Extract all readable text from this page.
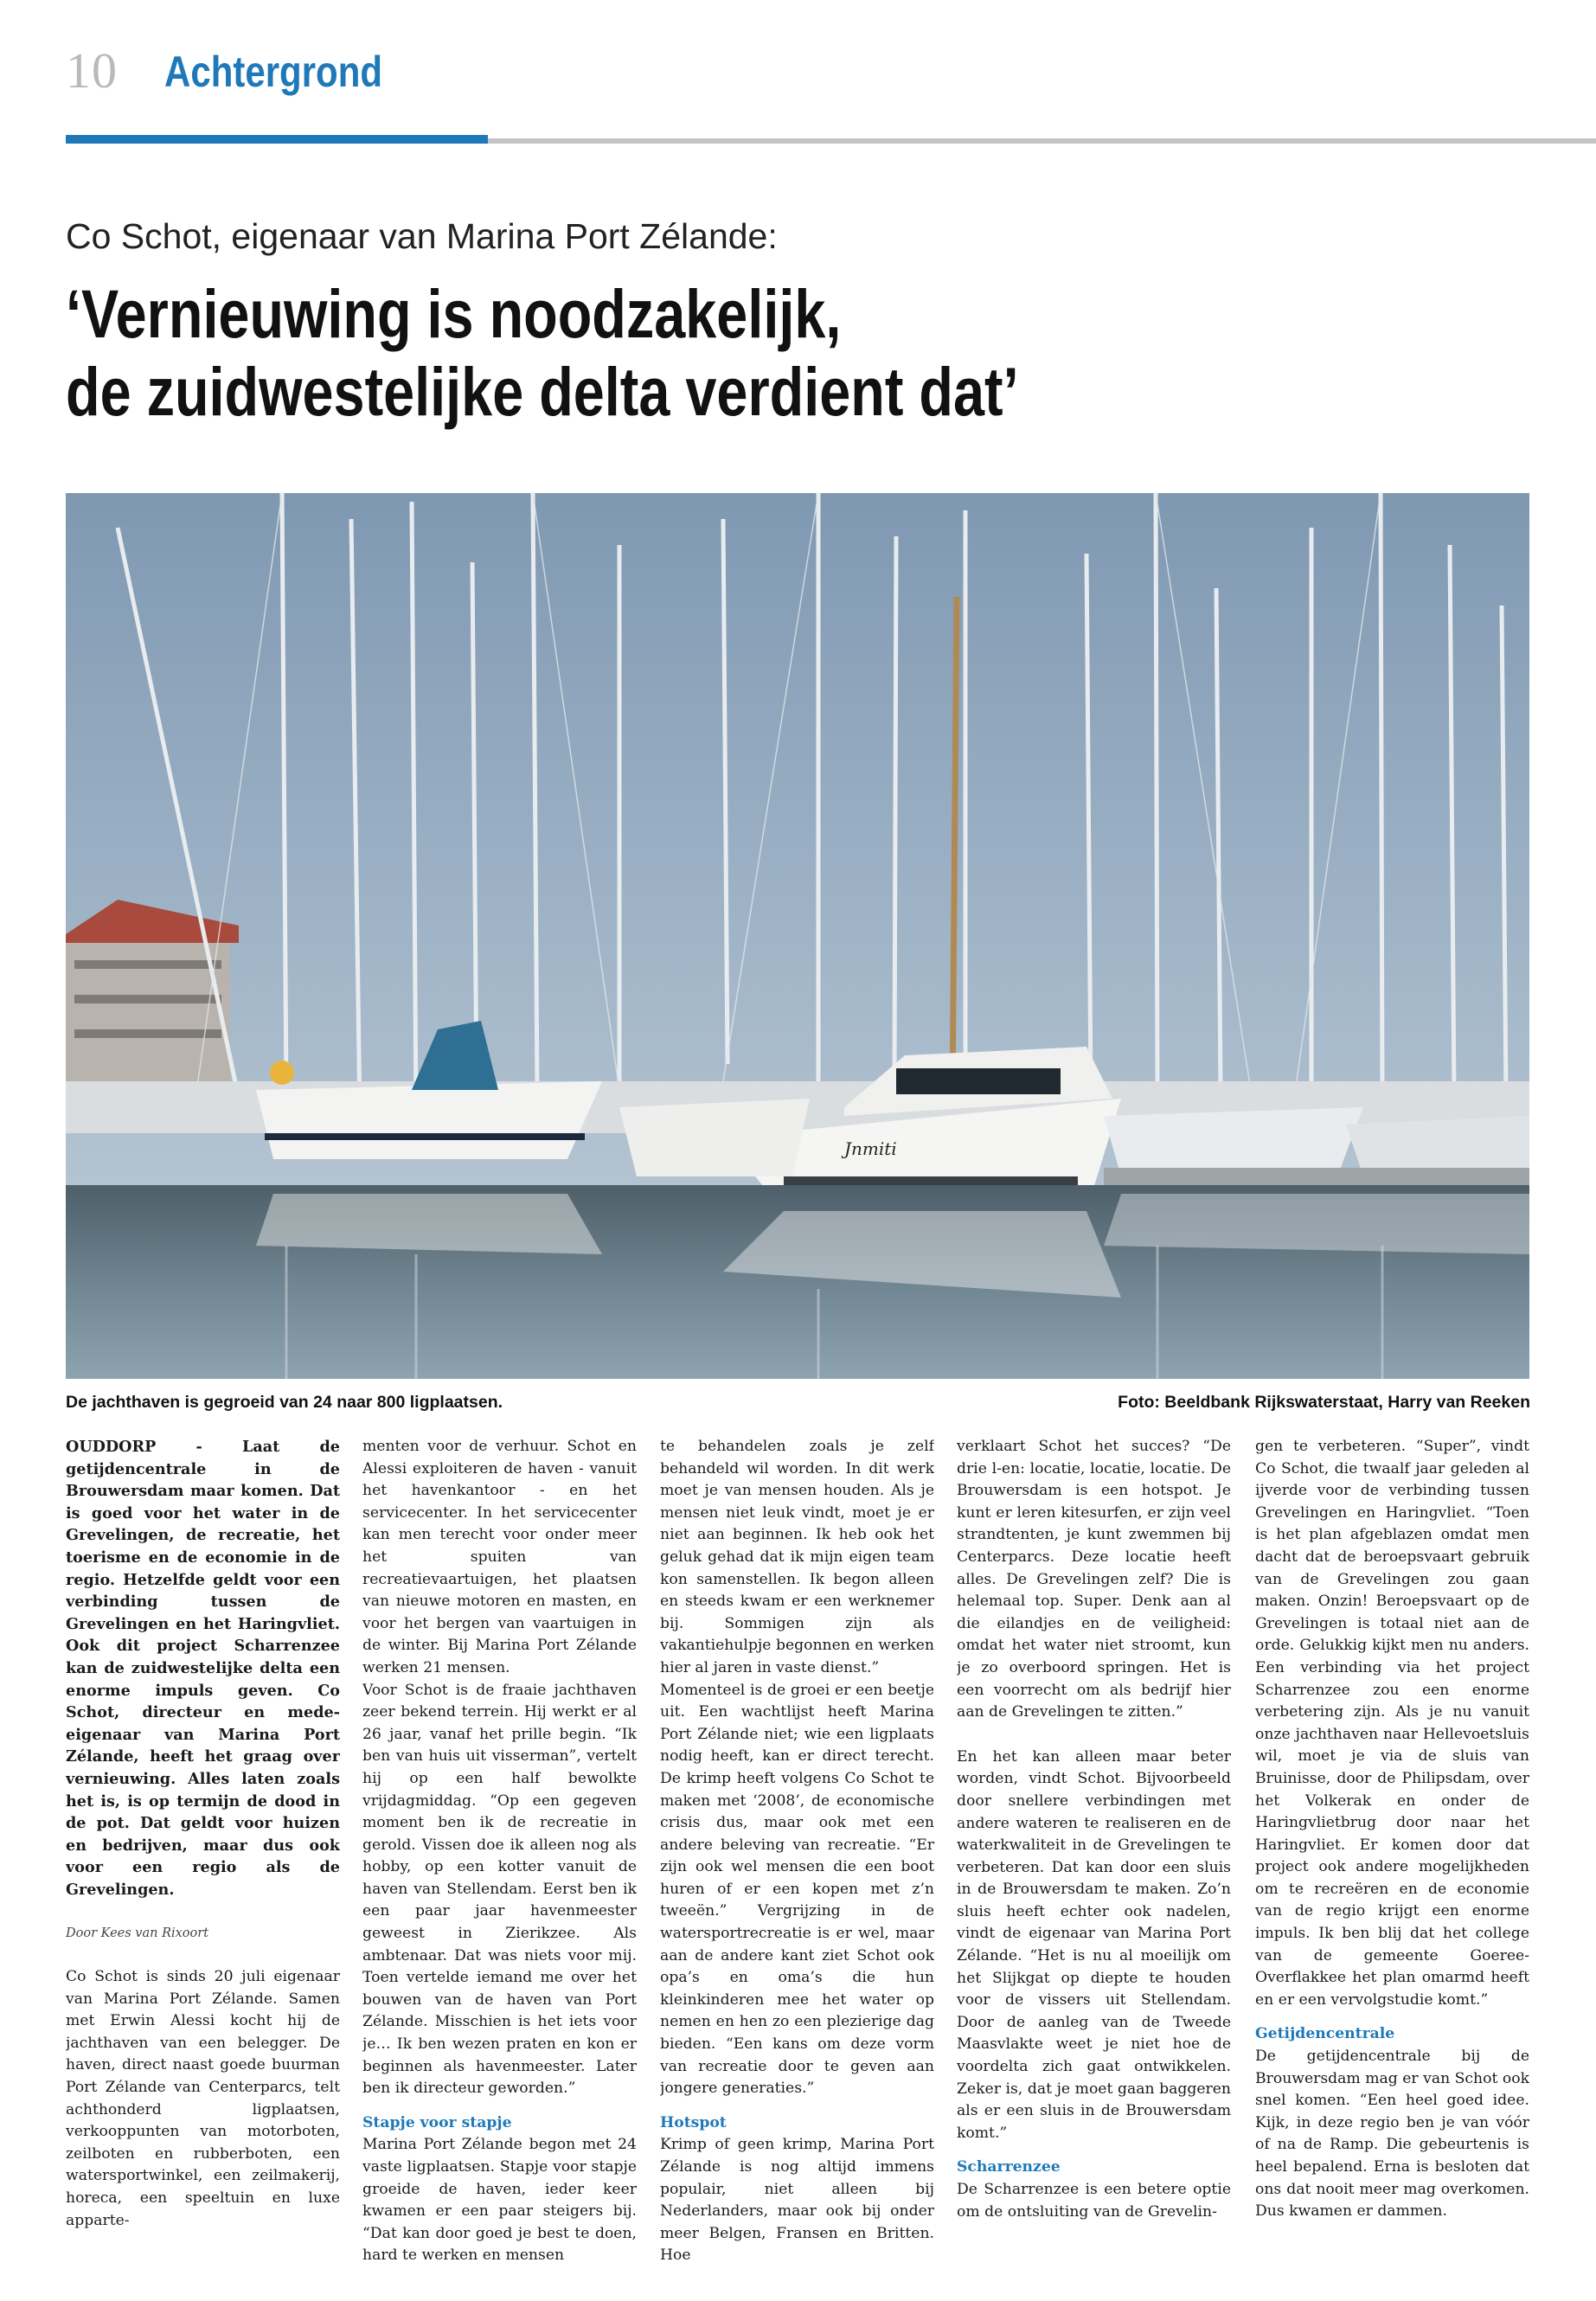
10 Achtergrond
Co Schot, eigenaar van Marina Port Zélande:
‘Vernieuwing is noodzakelijk,
de zuidwestelijke delta verdient dat’
Jnmiti
De jachthaven is gegroeid van 24 naar 800 ligplaatsen.	Foto: Beeldbank Rijkswaterstaat, Harry van Reeken

OUDDORP - Laat de getijdencentrale in de Brouwersdam maar komen. Dat is goed voor het water in de Grevelingen, de recreatie, het toerisme en de economie in de regio. Hetzelfde geldt voor een verbinding tussen de Grevelingen en het Haringvliet. Ook dit project Scharrenzee kan de zuidwestelijke delta een enorme impuls geven. Co Schot, directeur en mede-eigenaar van Marina Port Zélande, heeft het graag over vernieuwing. Alles laten zoals het is, is op termijn de dood in de pot. Dat geldt voor huizen en bedrijven, maar dus ook voor een regio als de Grevelingen.

Door Kees van Rixoort

Co Schot is sinds 20 juli eigenaar van Marina Port Zélande. Samen met Erwin Alessi kocht hij de jachthaven van een belegger. De haven, direct naast goede buurman Port Zélande van Centerparcs, telt achthonderd ligplaatsen, verkooppunten van motorboten, zeilboten en rubberboten, een watersportwinkel, een zeilmakerij, horeca, een speeltuin en luxe apparte-

menten voor de verhuur. Schot en Alessi exploiteren de haven - vanuit het havenkantoor - en het servicecenter. In het servicecenter kan men terecht voor onder meer het spuiten van recreatievaartuigen, het plaatsen van nieuwe motoren en masten, en voor het bergen van vaartuigen in de winter. Bij Marina Port Zélande werken 21 mensen.

Voor Schot is de fraaie jachthaven zeer bekend terrein. Hij werkt er al 26 jaar, vanaf het prille begin. “Ik ben van huis uit visserman”, vertelt hij op een half bewolkte vrijdagmiddag. “Op een gegeven moment ben ik de recreatie in gerold. Vissen doe ik alleen nog als hobby, op een kotter vanuit de haven van Stellendam. Eerst ben ik een paar jaar havenmeester geweest in Zierikzee. Als ambtenaar. Dat was niets voor mij. Toen vertelde iemand me over het bouwen van de haven van Port Zélande. Misschien is het iets voor je… Ik ben wezen praten en kon er beginnen als havenmeester. Later ben ik directeur geworden.”

Stapje voor stapje

Marina Port Zélande begon met 24 vaste ligplaatsen. Stapje voor stapje groeide de haven, ieder keer kwamen er een paar steigers bij. “Dat kan door goed je best te doen, hard te werken en mensen

te behandelen zoals je zelf behandeld wil worden. In dit werk moet je van mensen houden. Als je mensen niet leuk vindt, moet je er niet aan beginnen. Ik heb ook het geluk gehad dat ik mijn eigen team kon samenstellen. Ik begon alleen en steeds kwam er een werknemer bij. Sommigen zijn als vakantiehulpje begonnen en werken hier al jaren in vaste dienst.”

Momenteel is de groei er een beetje uit. Een wachtlijst heeft Marina Port Zélande niet; wie een ligplaats nodig heeft, kan er direct terecht. De krimp heeft volgens Co Schot te maken met ‘2008’, de economische crisis dus, maar ook met een andere beleving van recreatie. “Er zijn ook wel mensen die een boot huren of er een kopen met z’n tweeën.” Vergrijzing in de watersportrecreatie is er wel, maar aan de andere kant ziet Schot ook opa’s en oma’s die hun kleinkinderen mee het water op nemen en hen zo een plezierige dag bieden. “Een kans om deze vorm van recreatie door te geven aan jongere generaties.”

Hotspot

Krimp of geen krimp, Marina Port Zélande is nog altijd immens populair, niet alleen bij Nederlanders, maar ook bij onder meer Belgen, Fransen en Britten. Hoe

verklaart Schot het succes? “De drie l-en: locatie, locatie, locatie. De Brouwersdam is een hotspot. Je kunt er leren kitesurfen, er zijn veel strandtenten, je kunt zwemmen bij Centerparcs. Deze locatie heeft alles. De Grevelingen zelf? Die is helemaal top. Super. Denk aan al die eilandjes en de veiligheid: omdat het water niet stroomt, kun je zo overboord springen. Het is een voorrecht om als bedrijf hier aan de Grevelingen te zitten.”

En het kan alleen maar beter worden, vindt Schot. Bijvoorbeeld door snellere verbindingen met andere wateren te realiseren en de waterkwaliteit in de Grevelingen te verbeteren. Dat kan door een sluis in de Brouwersdam te maken. Zo’n sluis heeft echter ook nadelen, vindt de eigenaar van Marina Port Zélande. “Het is nu al moeilijk om het Slijkgat op diepte te houden voor de vissers uit Stellendam. Door de aanleg van de Tweede Maasvlakte weet je niet hoe de voordelta zich gaat ontwikkelen. Zeker is, dat je moet gaan baggeren als er een sluis in de Brouwersdam komt.”

Scharrenzee

De Scharrenzee is een betere optie om de ontsluiting van de Grevelin-

gen te verbeteren. “Super”, vindt Co Schot, die twaalf jaar geleden al ijverde voor de verbinding tussen Grevelingen en Haringvliet. “Toen is het plan afgeblazen omdat men dacht dat de beroepsvaart gebruik van de Grevelingen zou gaan maken. Onzin! Beroepsvaart op de Grevelingen is totaal niet aan de orde. Gelukkig kijkt men nu anders. Een verbinding via het project Scharrenzee zou een enorme verbetering zijn. Als je nu vanuit onze jachthaven naar Hellevoetsluis wil, moet je via de sluis van Bruinisse, door de Philipsdam, over het Volkerak en onder de Haringvlietbrug door naar het Haringvliet. Er komen door dat project ook andere mogelijkheden om te recreëren en de economie van de regio krijgt een enorme impuls. Ik ben blij dat het college van de gemeente Goeree-Overflakkee het plan omarmd heeft en er een vervolgstudie komt.”

Getijdencentrale

De getijdencentrale bij de Brouwersdam mag er van Schot ook snel komen. “Een heel goed idee. Kijk, in deze regio ben je van vóór of na de Ramp. Die gebeurtenis is heel bepalend. Erna is besloten dat ons dat nooit meer mag overkomen. Dus kwamen er dammen.
